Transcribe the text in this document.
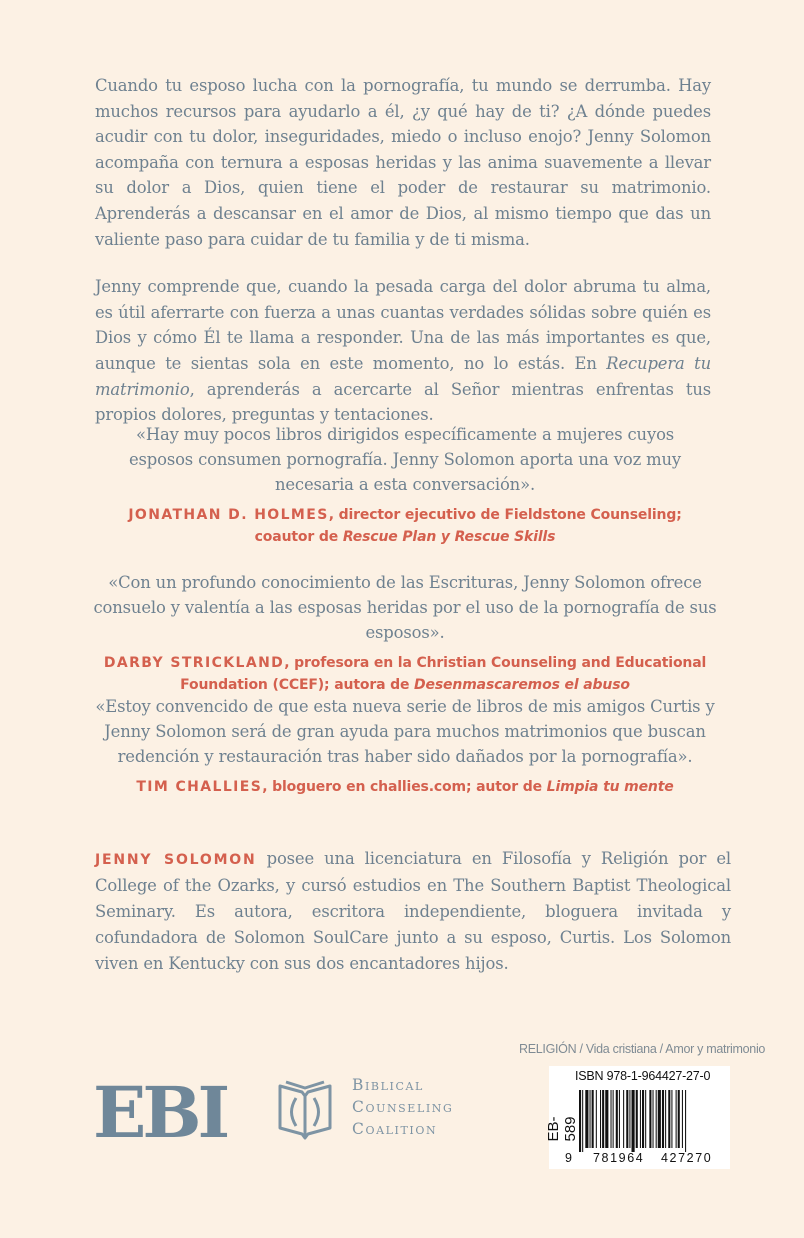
Cuando tu esposo lucha con la pornografía, tu mundo se derrumba. Hay muchos recursos para ayudarlo a él, ¿y qué hay de ti? ¿A dónde puedes acudir con tu dolor, inseguridades, miedo o incluso enojo? Jenny Solomon acompaña con ternura a esposas heridas y las anima suavemente a llevar su dolor a Dios, quien tiene el poder de restaurar su matrimonio. Aprenderás a descansar en el amor de Dios, al mismo tiempo que das un valiente paso para cuidar de tu familia y de ti misma.

Jenny comprende que, cuando la pesada carga del dolor abruma tu alma, es útil aferrarte con fuerza a unas cuantas verdades sólidas sobre quién es Dios y cómo Él te llama a responder. Una de las más importantes es que, aunque te sientas sola en este momento, no lo estás. En Recupera tu matrimonio, aprenderás a acercarte al Señor mientras enfrentas tus propios dolores, preguntas y tentaciones.

«Hay muy pocos libros dirigidos específicamente a mujeres cuyos esposos consumen pornografía. Jenny Solomon aporta una voz muy necesaria a esta conversación».

JONATHAN D. HOLMES, director ejecutivo de Fieldstone Counseling;
coautor de Rescue Plan y Rescue Skills

«Con un profundo conocimiento de las Escrituras, Jenny Solomon ofrece consuelo y valentía a las esposas heridas por el uso de la pornografía de sus esposos».

DARBY STRICKLAND, profesora en la Christian Counseling and Educational
Foundation (CCEF); autora de Desenmascaremos el abuso

«Estoy convencido de que esta nueva serie de libros de mis amigos Curtis y Jenny Solomon será de gran ayuda para muchos matrimonios que buscan redención y restauración tras haber sido dañados por la pornografía».

TIM CHALLIES, bloguero en challies.com; autor de Limpia tu mente

JENNY SOLOMON posee una licenciatura en Filosofía y Religión por el College of the Ozarks, y cursó estudios en The Southern Baptist Theological Seminary. Es autora, escritora independiente, bloguera invitada y cofundadora de Solomon SoulCare junto a su esposo, Curtis. Los Solomon viven en Kentucky con sus dos encantadores hijos.

RELIGIÓN / Vida cristiana / Amor y matrimonio
EBI	Biblical
Counseling
Coalition
ISBN 978-1-964427-27-0
EB-589
9 781964 427270
